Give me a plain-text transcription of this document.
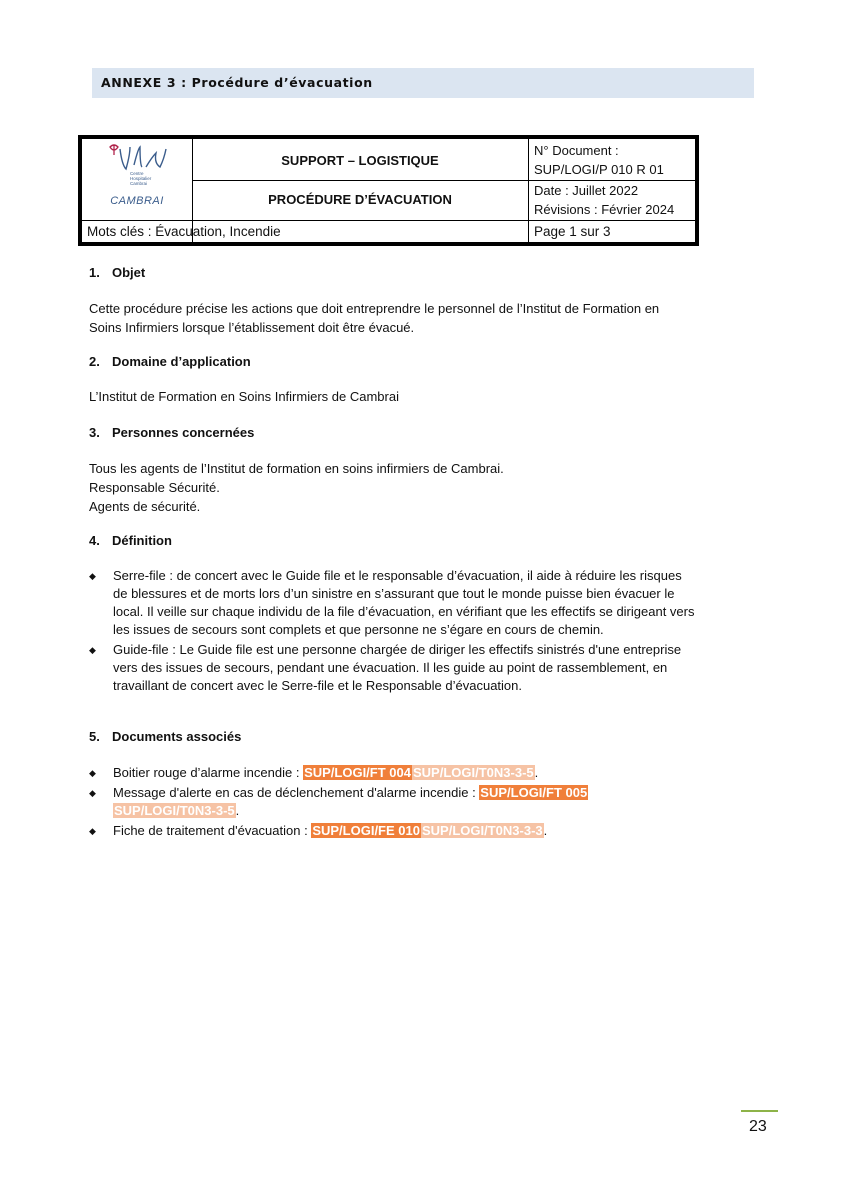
ANNEXE 3 : Procédure d’évacuation
Centre
Hospitalier
Cambrai
CAMBRAI
SUPPORT – LOGISTIQUE
PROCÉDURE D’ÉVACUATION
N° Document :
SUP/LOGI/P 010 R 01
Date : Juillet 2022
Révisions : Février 2024
Mots clés : Évacuation, Incendie	Page 1 sur 3
1. Objet
Cette procédure précise les actions que doit entreprendre le personnel de l’Institut de Formation en
Soins Infirmiers lorsque l’établissement doit être évacué.
2. Domaine d’application
L’Institut de Formation en Soins Infirmiers de Cambrai
3. Personnes concernées
Tous les agents de l’Institut de formation en soins infirmiers de Cambrai.
Responsable Sécurité.
Agents de sécurité.
4. Définition
◆ Serre-file : de concert avec le Guide file et le responsable d’évacuation, il aide à réduire les risques de blessures et de morts lors d’un sinistre en s’assurant que tout le monde puisse bien évacuer le local. Il veille sur chaque individu de la file d’évacuation, en vérifiant que les effectifs se dirigeant vers les issues de secours sont complets et que personne ne s’égare en cours de chemin.
◆ Guide-file : Le Guide file est une personne chargée de diriger les effectifs sinistrés d'une entreprise vers des issues de secours, pendant une évacuation. Il les guide au point de rassemblement, en travaillant de concert avec le Serre-file et le Responsable d’évacuation.
5. Documents associés
◆ Boitier rouge d’alarme incendie : SUP/LOGI/FT 004 SUP/LOGI/T0N3-3-5.
◆ Message d'alerte en cas de déclenchement d'alarme incendie : SUP/LOGI/FT 005
SUP/LOGI/T0N3-3-5.
◆ Fiche de traitement d'évacuation : SUP/LOGI/FE 010 SUP/LOGI/T0N3-3-3.
23
